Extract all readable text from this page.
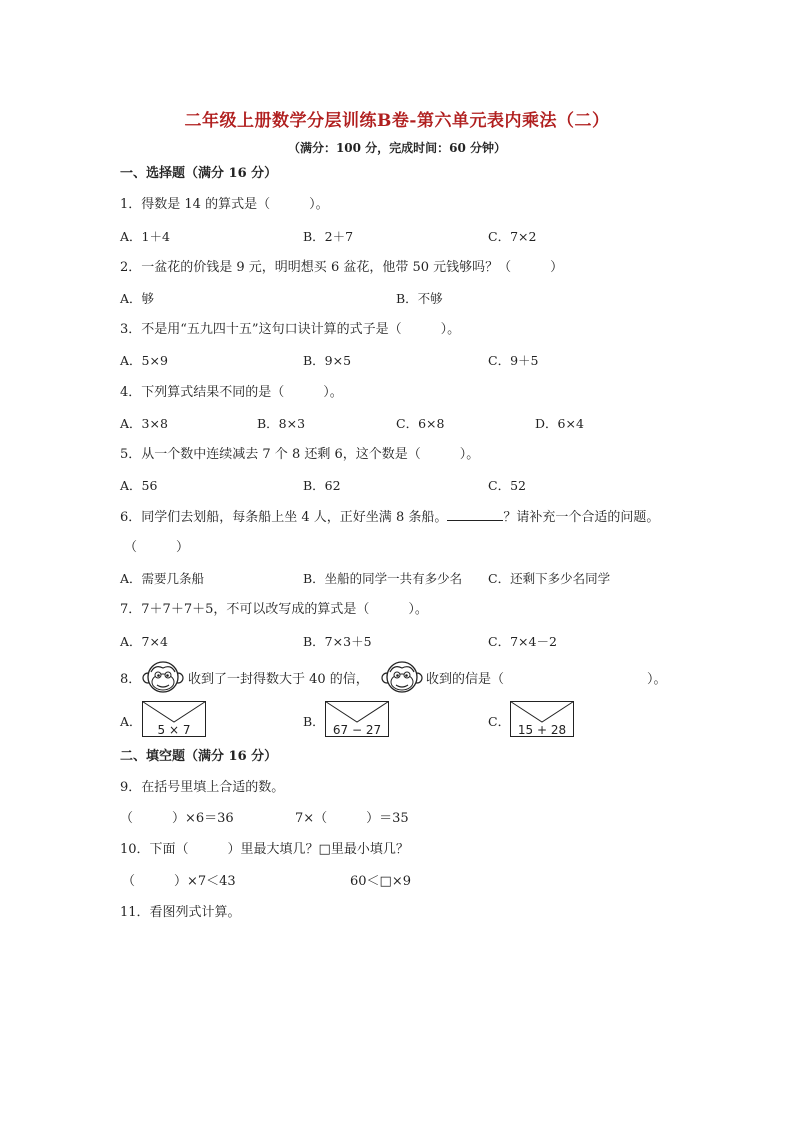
二年级上册数学分层训练B卷-第六单元表内乘法（二）
（满分：100 分，完成时间：60 分钟）
一、选择题（满分 16 分）
1．得数是 14 的算式是（　　　）。
A．1＋4	B．2＋7	C．7×2
2．一盆花的价钱是 9 元，明明想买 6 盆花，他带 50 元钱够吗？（　　　）
A．够	B．不够
3．不是用“五九四十五”这句口诀计算的式子是（　　　）。
A．5×9	B．9×5	C．9＋5
4．下列算式结果不同的是（　　　）。
A．3×8	B．8×3	C．6×8	D．6×4
5．从一个数中连续减去 7 个 8 还剩 6，这个数是（　　　）。
A．56	B．62	C．52
6．同学们去划船，每条船上坐 4 人，正好坐满 8 条船。	？请补充一个合适的问题。
（　　　）
A．需要几条船	B．坐船的同学一共有多少名 C．还剩下多少名同学
7．7＋7＋7＋5，不可以改写成的算式是（　　　）。
A．7×4	B．7×3＋5	C．7×4－2
8．	收到了一封得数大于 40 的信，	收到的信是（　　　　　　　　　　　）。
A．
5 × 7
B．
67 − 27
C．
15 + 28
二、填空题（满分 16 分）
9．在括号里填上合适的数。
（　　　）×6＝36	7×（　　　）＝35
10．下面（　　　）里最大填几？□里最小填几？
（　　　）×7＜43	60＜□×9
11．看图列式计算。
